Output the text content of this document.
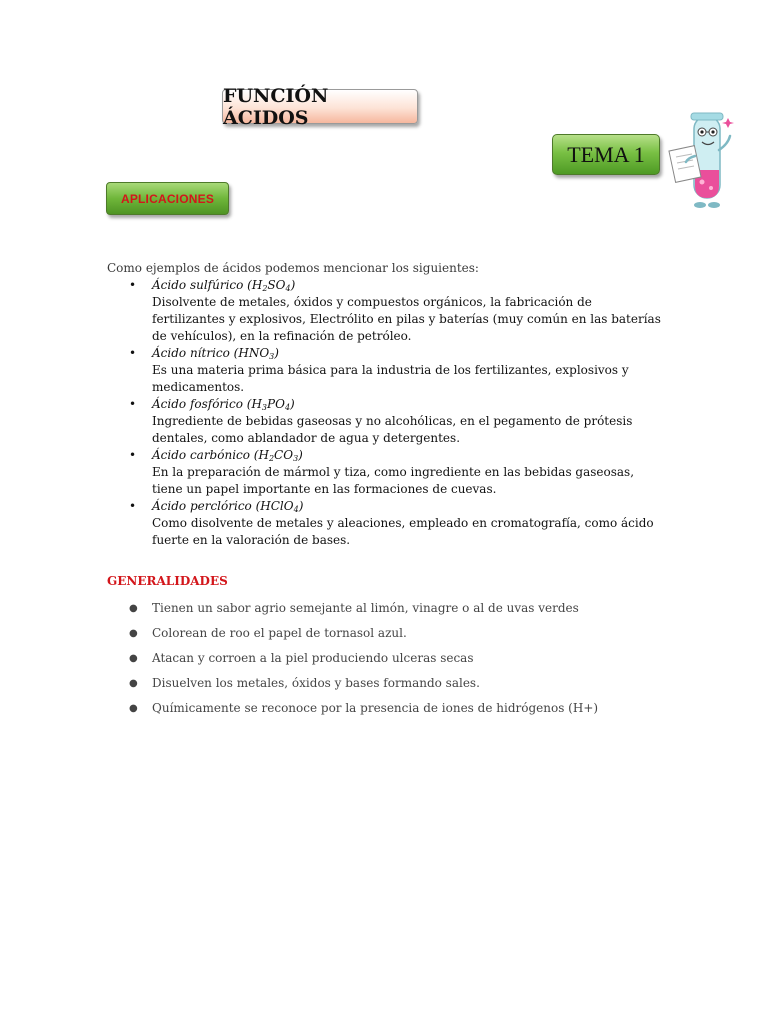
FUNCIÓN ÁCIDOS
TEMA 1
APLICACIONES

Como ejemplos de ácidos podemos mencionar los siguientes:

• Ácido sulfúrico $(H_2SO_4)$
Disolvente de metales, óxidos y compuestos orgánicos, la fabricación de fertilizantes y explosivos, Electrólito en pilas y baterías (muy común en las baterías de vehículos), en la refinación de petróleo.
• Ácido nítrico $(HNO_3)$
Es una materia prima básica para la industria de los fertilizantes, explosivos y medicamentos.
• Ácido fosfórico $(H_3PO_4)$
Ingrediente de bebidas gaseosas y no alcohólicas, en el pegamento de prótesis dentales, como ablandador de agua y detergentes.
• Ácido carbónico $(H_2CO_3)$
En la preparación de mármol y tiza, como ingrediente en las bebidas gaseosas, tiene un papel importante en las formaciones de cuevas.
• Ácido perclórico (HClO$_4$)
Como disolvente de metales y aleaciones, empleado en cromatografía, como ácido fuerte en la valoración de bases.
GENERALIDADES
● Tienen un sabor agrio semejante al limón, vinagre o al de uvas verdes
● Colorean de roo el papel de tornasol azul.
● Atacan y corroen a la piel produciendo ulceras secas
● Disuelven los metales, óxidos y bases formando sales.
● Químicamente se reconoce por la presencia de iones de hidrógenos (H+)
